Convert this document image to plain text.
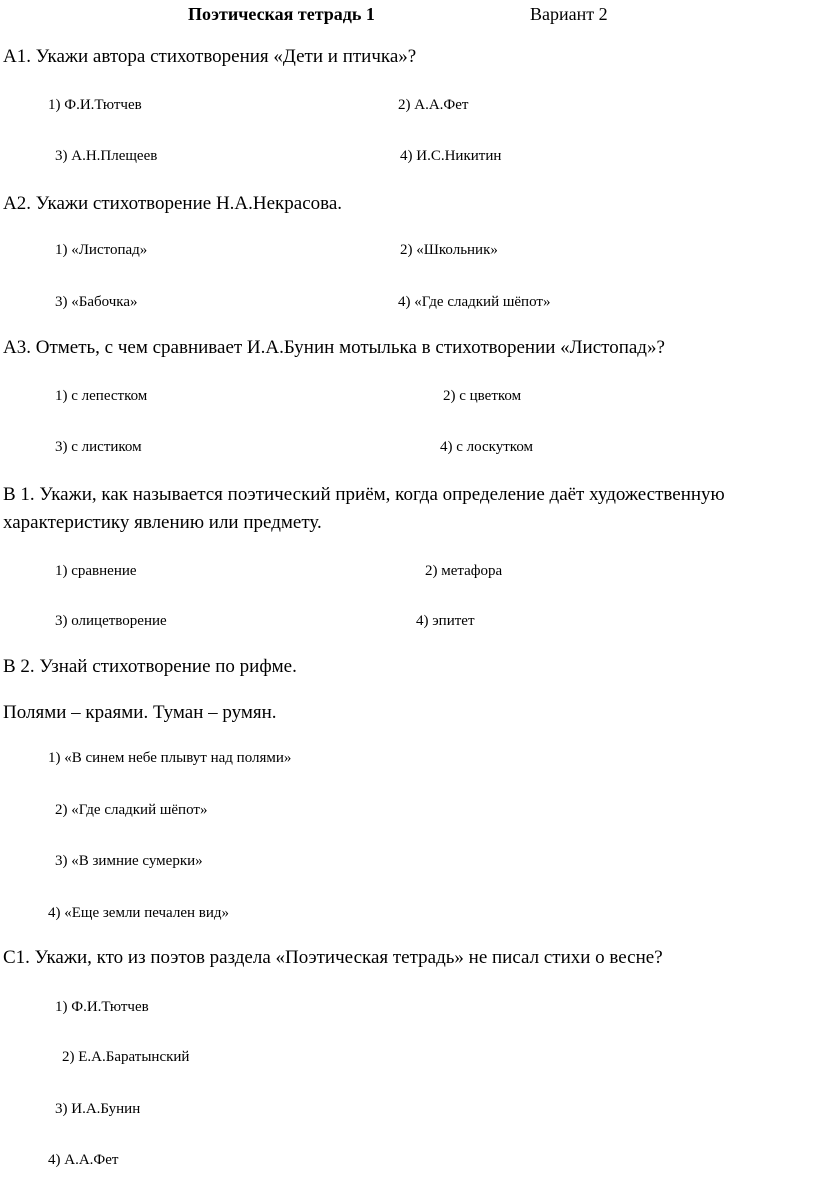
Поэтическая тетрадь 1	Вариант 2
А1. Укажи автора стихотворения «Дети и птичка»?
1) Ф.И.Тютчев	2) А.А.Фет
3) А.Н.Плещеев	4) И.С.Никитин
А2. Укажи стихотворение Н.А.Некрасова.
1) «Листопад»	2) «Школьник»
3) «Бабочка»	4) «Где сладкий шёпот»
А3. Отметь, с чем сравнивает И.А.Бунин мотылька в стихотворении «Листопад»?
1) с лепестком	2) с цветком
3) с листиком	4) с лоскутком
В 1. Укажи, как называется поэтический приём, когда определение даёт художественную
характеристику явлению или предмету.
1) сравнение	2) метафора
3) олицетворение	4) эпитет
В 2. Узнай стихотворение по рифме.
Полями – краями. Туман – румян.
1) «В синем небе плывут над полями»
2) «Где сладкий шёпот»
3) «В зимние сумерки»
4) «Еще земли печален вид»
С1. Укажи, кто из поэтов раздела «Поэтическая тетрадь» не писал стихи о весне?
1) Ф.И.Тютчев
2) Е.А.Баратынский
3) И.А.Бунин
4) А.А.Фет
